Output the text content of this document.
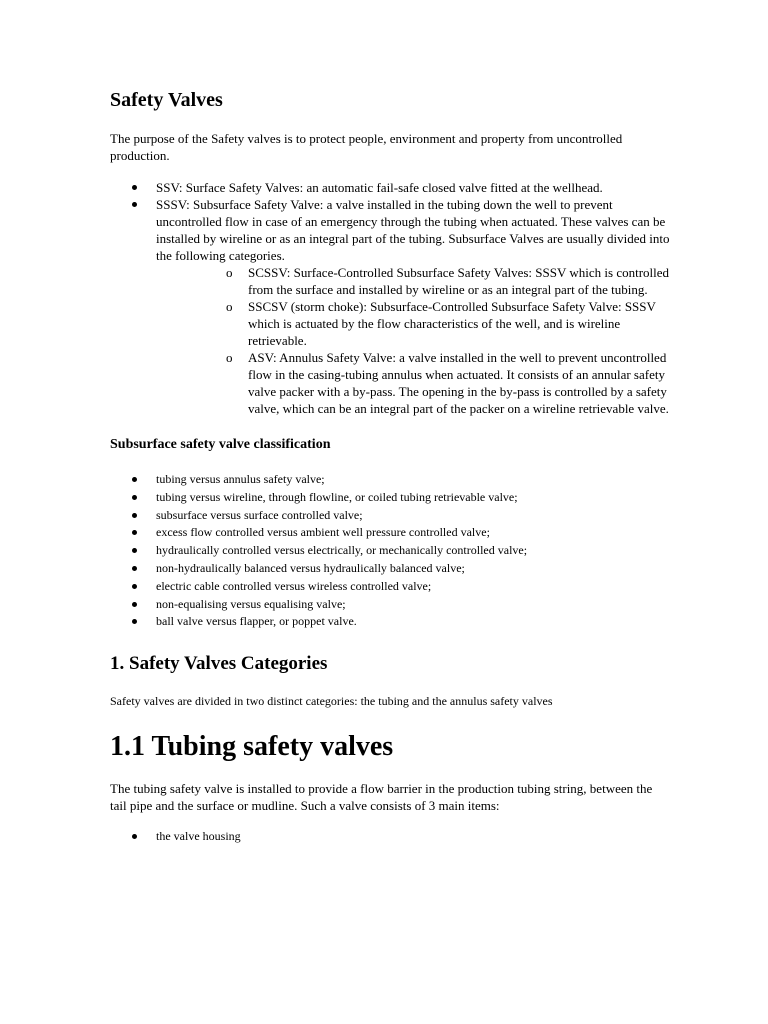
Safety Valves

The purpose of the Safety valves is to protect people, environment and property from uncontrolled production.

SSV: Surface Safety Valves: an automatic fail-safe closed valve fitted at the wellhead.
SSSV: Subsurface Safety Valve: a valve installed in the tubing down the well to prevent uncontrolled flow in case of an emergency through the tubing when actuated. These valves can be installed by wireline or as an integral part of the tubing. Subsurface Valves are usually divided into the following categories.
o SCSSV: Surface-Controlled Subsurface Safety Valves: SSSV which is controlled from the surface and installed by wireline or as an integral part of the tubing.
o SSCSV (storm choke): Subsurface-Controlled Subsurface Safety Valve: SSSV which is actuated by the flow characteristics of the well, and is wireline retrievable.
o ASV: Annulus Safety Valve: a valve installed in the well to prevent uncontrolled flow in the casing-tubing annulus when actuated. It consists of an annular safety valve packer with a by-pass. The opening in the by-pass is controlled by a safety valve, which can be an integral part of the packer on a wireline retrievable valve.
Subsurface safety valve classification
tubing versus annulus safety valve;
tubing versus wireline, through flowline, or coiled tubing retrievable valve;
subsurface versus surface controlled valve;
excess flow controlled versus ambient well pressure controlled valve;
hydraulically controlled versus electrically, or mechanically controlled valve;
non-hydraulically balanced versus hydraulically balanced valve;
electric cable controlled versus wireless controlled valve;
non-equalising versus equalising valve;
ball valve versus flapper, or poppet valve.
1. Safety Valves Categories

Safety valves are divided in two distinct categories: the tubing and the annulus safety valves

1.1 Tubing safety valves

The tubing safety valve is installed to provide a flow barrier in the production tubing string, between the tail pipe and the surface or mudline. Such a valve consists of 3 main items:

the valve housing
